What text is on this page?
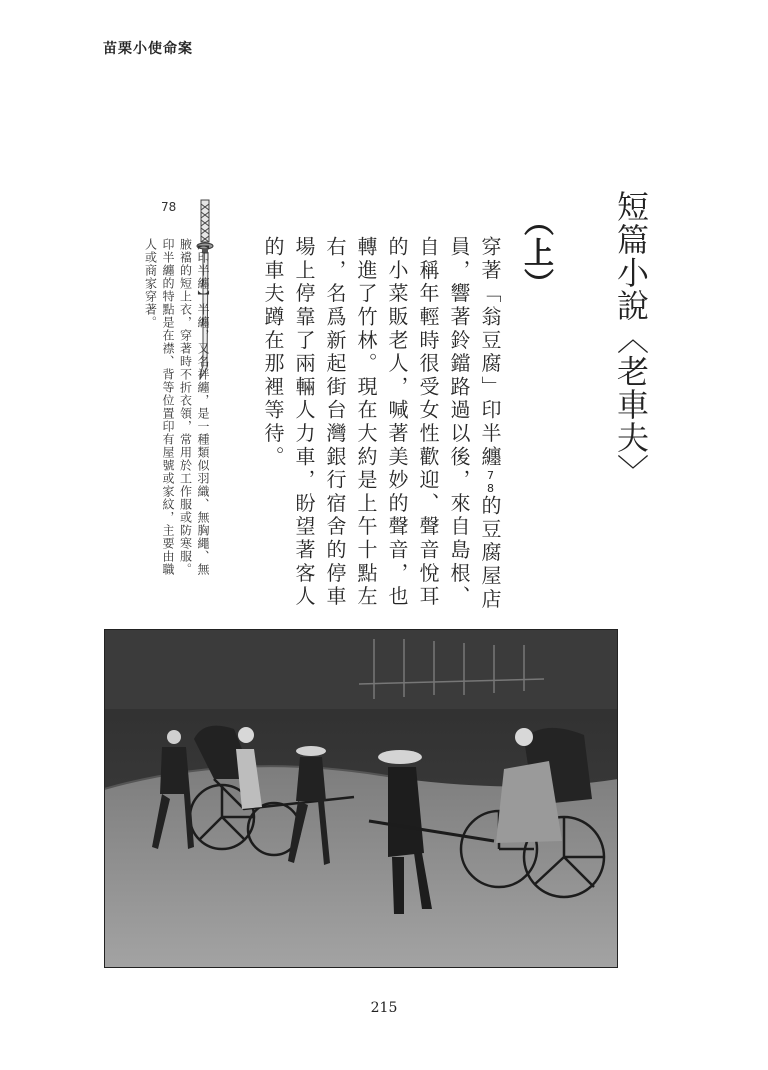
苗栗小使命案
短篇小說〈老車夫〉
（上）
穿著「翁豆腐」印半纏78的豆腐屋店員，響著鈴鐺路過以後，來自島根、自稱年輕時很受女性歡迎、聲音悅耳的小菜販老人，喊著美妙的聲音，也轉進了竹林。現在大約是上午十點左右，名爲新起街台灣銀行宿舍的停車場上停靠了兩輛人力車，盼望著客人的車夫蹲在那裡等待。
78
【印半纏】半纏，又名袢纏，是一種類似羽織、無胸繩、無腋襠的短上衣，穿著時不折衣領，常用於工作服或防寒服。印半纏的特點是在襟、背等位置印有屋號或家紋，主要由職人或商家穿著。
215
